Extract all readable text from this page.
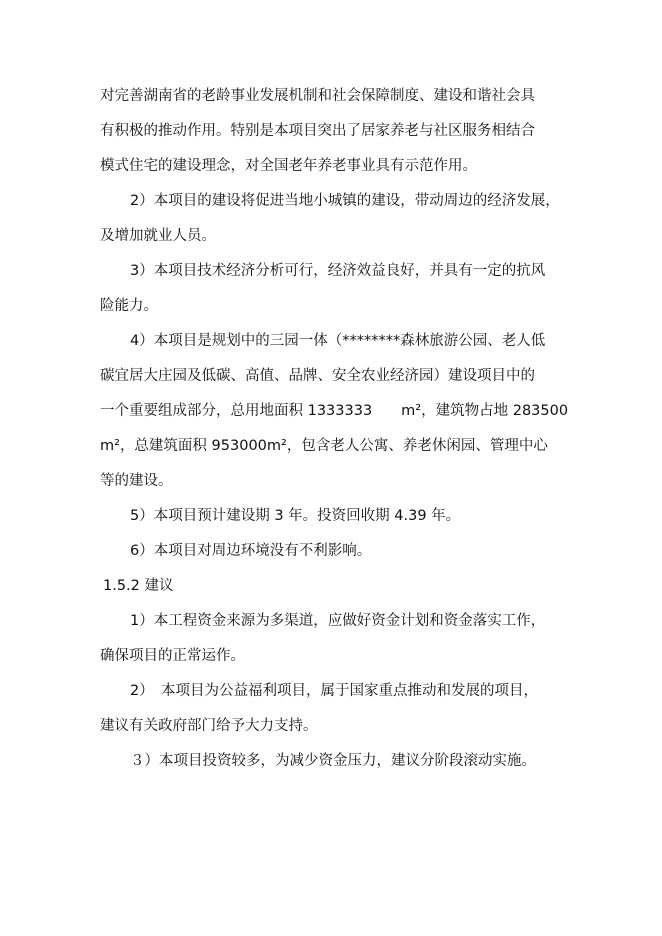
对完善湖南省的老龄事业发展机制和社会保障制度、建设和谐社会具
有积极的推动作用。特别是本项目突出了居家养老与社区服务相结合
模式住宅的建设理念，对全国老年养老事业具有示范作用。
2）本项目的建设将促进当地小城镇的建设，带动周边的经济发展，
及增加就业人员。
3）本项目技术经济分析可行，经济效益良好，并具有一定的抗风
险能力。
4）本项目是规划中的三园一体（********森林旅游公园、老人低
碳宜居大庄园及低碳、高值、品牌、安全农业经济园）建设项目中的
一个重要组成部分，总用地面积 1333333　　m²，建筑物占地 283500
m²，总建筑面积 953000m²，包含老人公寓、养老休闲园、管理中心
等的建设。
5）本项目预计建设期 3 年。投资回收期 4.39 年。
6）本项目对周边环境没有不利影响。
1.5.2 建议
1）本工程资金来源为多渠道，应做好资金计划和资金落实工作，
确保项目的正常运作。
2）　本项目为公益福利项目，属于国家重点推动和发展的项目，
建议有关政府部门给予大力支持。
３）本项目投资较多，为减少资金压力，建议分阶段滚动实施。
